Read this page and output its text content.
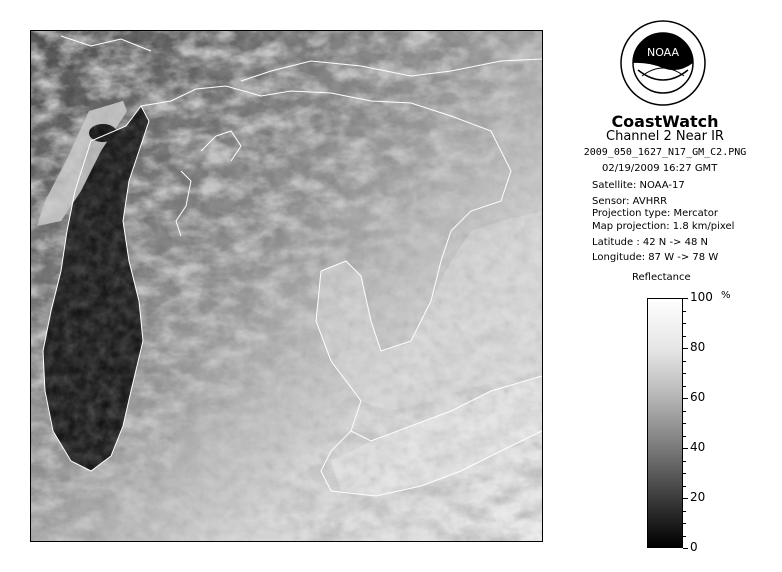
NOAA
CoastWatch
Channel 2 Near IR
2009_050_1627_N17_GM_C2.PNG
02/19/2009 16:27 GMT
Satellite: NOAA-17
Sensor: AVHRR
Projection type: Mercator
Map projection: 1.8 km/pixel
Latitude : 42 N -> 48 N
Longitude: 87 W -> 78 W
Reflectance
%
100
80
60
40
20
0
